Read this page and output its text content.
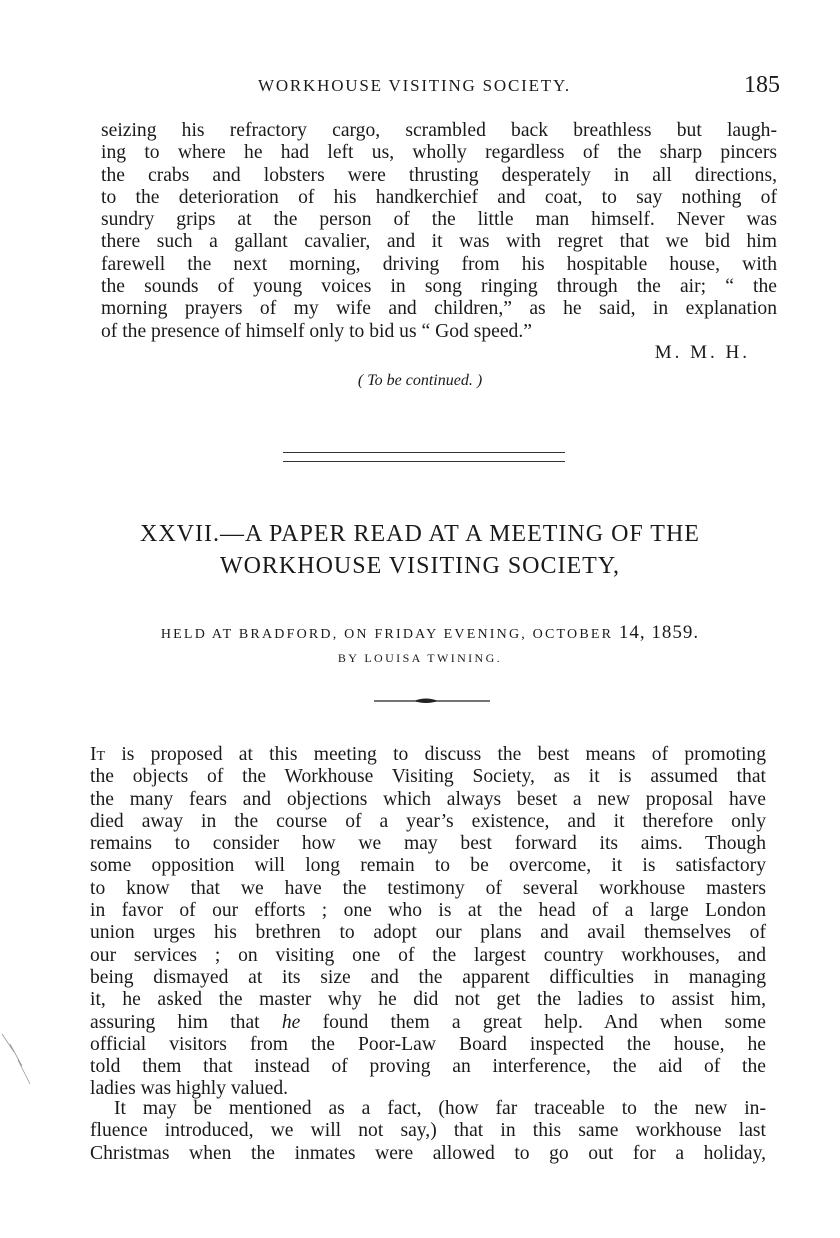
WORKHOUSE VISITING SOCIETY.	185
seizing his refractory cargo, scrambled back breathless but laugh-
ing to where he had left us, wholly regardless of the sharp pincers
the crabs and lobsters were thrusting desperately in all directions,
to the deterioration of his handkerchief and coat, to say nothing of
sundry grips at the person of the little man himself. Never was
there such a gallant cavalier, and it was with regret that we bid him
farewell the next morning, driving from his hospitable house, with
the sounds of young voices in song ringing through the air; “ the
morning prayers of my wife and children,” as he said, in explanation
of the presence of himself only to bid us “ God speed.”
M. M. H.
( To be continued. )
XXVII.—A PAPER READ AT A MEETING OF THE
WORKHOUSE VISITING SOCIETY,
HELD AT BRADFORD, ON FRIDAY EVENING, OCTOBER 14, 1859.
BY LOUISA TWINING.
It is proposed at this meeting to discuss the best means of promoting
the objects of the Workhouse Visiting Society, as it is assumed that
the many fears and objections which always beset a new proposal have
died away in the course of a year’s existence, and it therefore only
remains to consider how we may best forward its aims. Though
some opposition will long remain to be overcome, it is satisfactory
to know that we have the testimony of several workhouse masters
in favor of our efforts ; one who is at the head of a large London
union urges his brethren to adopt our plans and avail themselves of
our services ; on visiting one of the largest country workhouses, and
being dismayed at its size and the apparent difficulties in managing
it, he asked the master why he did not get the ladies to assist him,
assuring him that he found them a great help. And when some
official visitors from the Poor-Law Board inspected the house, he
told them that instead of proving an interference, the aid of the
ladies was highly valued.
It may be mentioned as a fact, (how far traceable to the new in-
fluence introduced, we will not say,) that in this same workhouse last
Christmas when the inmates were allowed to go out for a holiday,
